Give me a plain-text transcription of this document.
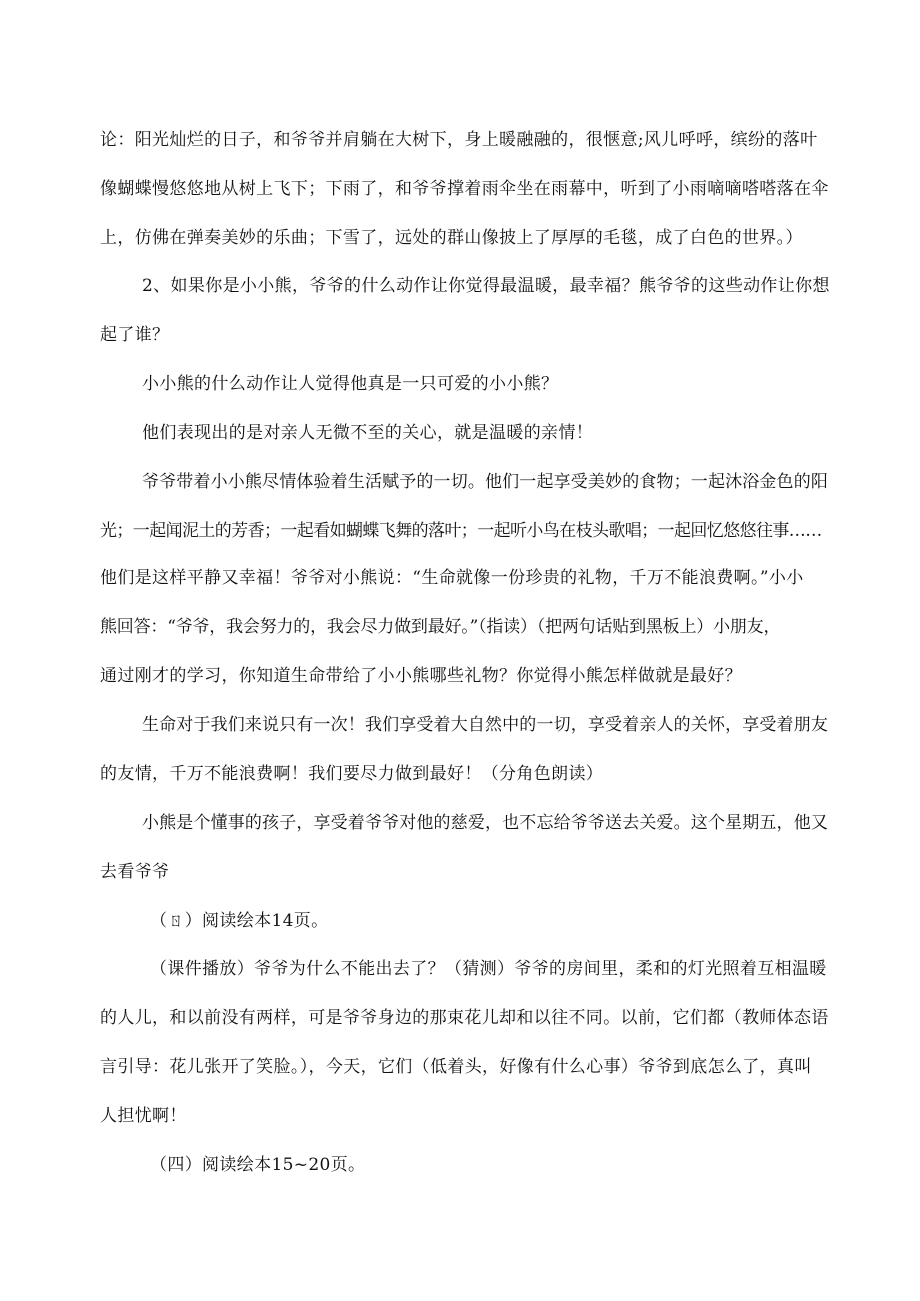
论：阳光灿烂的日子，和爷爷并肩躺在大树下，身上暖融融的，很惬意;风儿呼呼，缤纷的落叶

像蝴蝶慢悠悠地从树上飞下；下雨了，和爷爷撑着雨伞坐在雨幕中，听到了小雨嘀嘀嗒嗒落在伞

上，仿佛在弹奏美妙的乐曲；下雪了，远处的群山像披上了厚厚的毛毯，成了白色的世界。）

2、如果你是小小熊，爷爷的什么动作让你觉得最温暖，最幸福？熊爷爷的这些动作让你想

起了谁？

小小熊的什么动作让人觉得他真是一只可爱的小小熊？

他们表现出的是对亲人无微不至的关心，就是温暖的亲情！

爷爷带着小小熊尽情体验着生活赋予的一切。他们一起享受美妙的食物；一起沐浴金色的阳

光；一起闻泥土的芳香；一起看如蝴蝶飞舞的落叶；一起听小鸟在枝头歌唱；一起回忆悠悠往事……

他们是这样平静又幸福！爷爷对小熊说：“生命就像一份珍贵的礼物，千万不能浪费啊。”小小

熊回答：“爷爷，我会努力的，我会尽力做到最好。”（指读）（把两句话贴到黑板上）小朋友，

通过刚才的学习，你知道生命带给了小小熊哪些礼物？你觉得小熊怎样做就是最好？

生命对于我们来说只有一次！我们享受着大自然中的一切，享受着亲人的关怀，享受着朋友

的友情，千万不能浪费啊！我们要尽力做到最好！（分角色朗读）

小熊是个懂事的孩子，享受着爷爷对他的慈爱，也不忘给爷爷送去关爱。这个星期五，他又

去看爷爷

（ㄖ）阅读绘本14页。

（课件播放）爷爷为什么不能出去了？（猜测）爷爷的房间里，柔和的灯光照着互相温暖

的人儿，和以前没有两样，可是爷爷身边的那束花儿却和以往不同。以前，它们都（教师体态语

言引导：花儿张开了笑脸。），今天，它们（低着头，好像有什么心事）爷爷到底怎么了，真叫

人担忧啊！

（四）阅读绘本15~20页。
